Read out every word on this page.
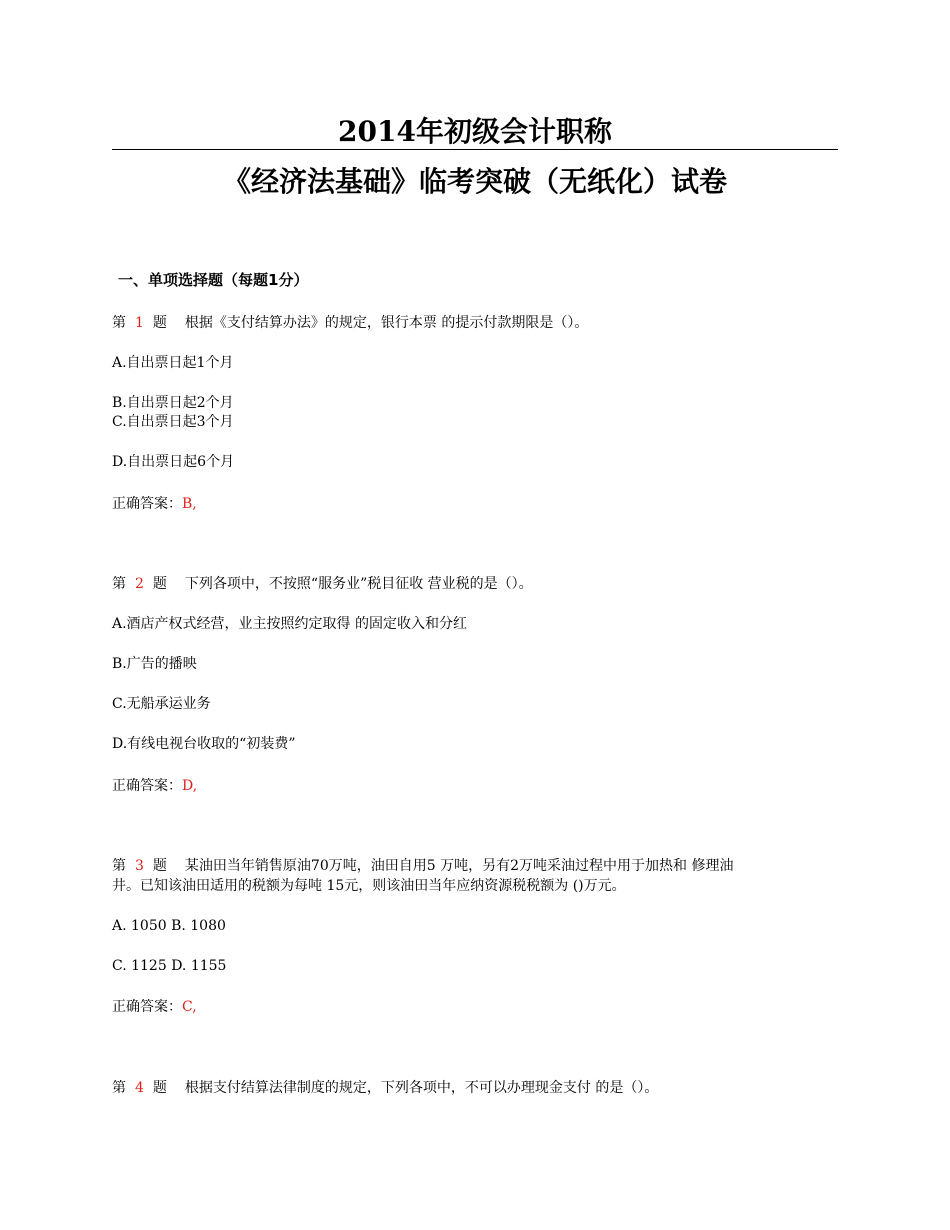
2014年初级会计职称
《经济法基础》临考突破（无纸化）试卷
一、单项选择题（每题1分）

第 1 题 根据《支付结算办法》的规定，银行本票 的提示付款期限是（）。

A.自出票日起1个月

B.自出票日起2个月

C.自出票日起3个月

D.自出票日起6个月

正确答案：B,

第 2 题 下列各项中，不按照“服务业”税目征收 营业税的是（）。

A.酒店产权式经营，业主按照约定取得 的固定收入和分红

B.广告的播映

C.无船承运业务

D.有线电视台收取的“初装费”

正确答案：D,

第 3 题 某油田当年销售原油70万吨，油田自用5 万吨，另有2万吨采油过程中用于加热和 修理油

井。已知该油田适用的税额为每吨 15元，则该油田当年应纳资源税税额为 ()万元。

A. 1050 B. 1080

C. 1125 D. 1155

正确答案：C,

第 4 题 根据支付结算法律制度的规定，下列各项中，不可以办理现金支付 的是（）。
